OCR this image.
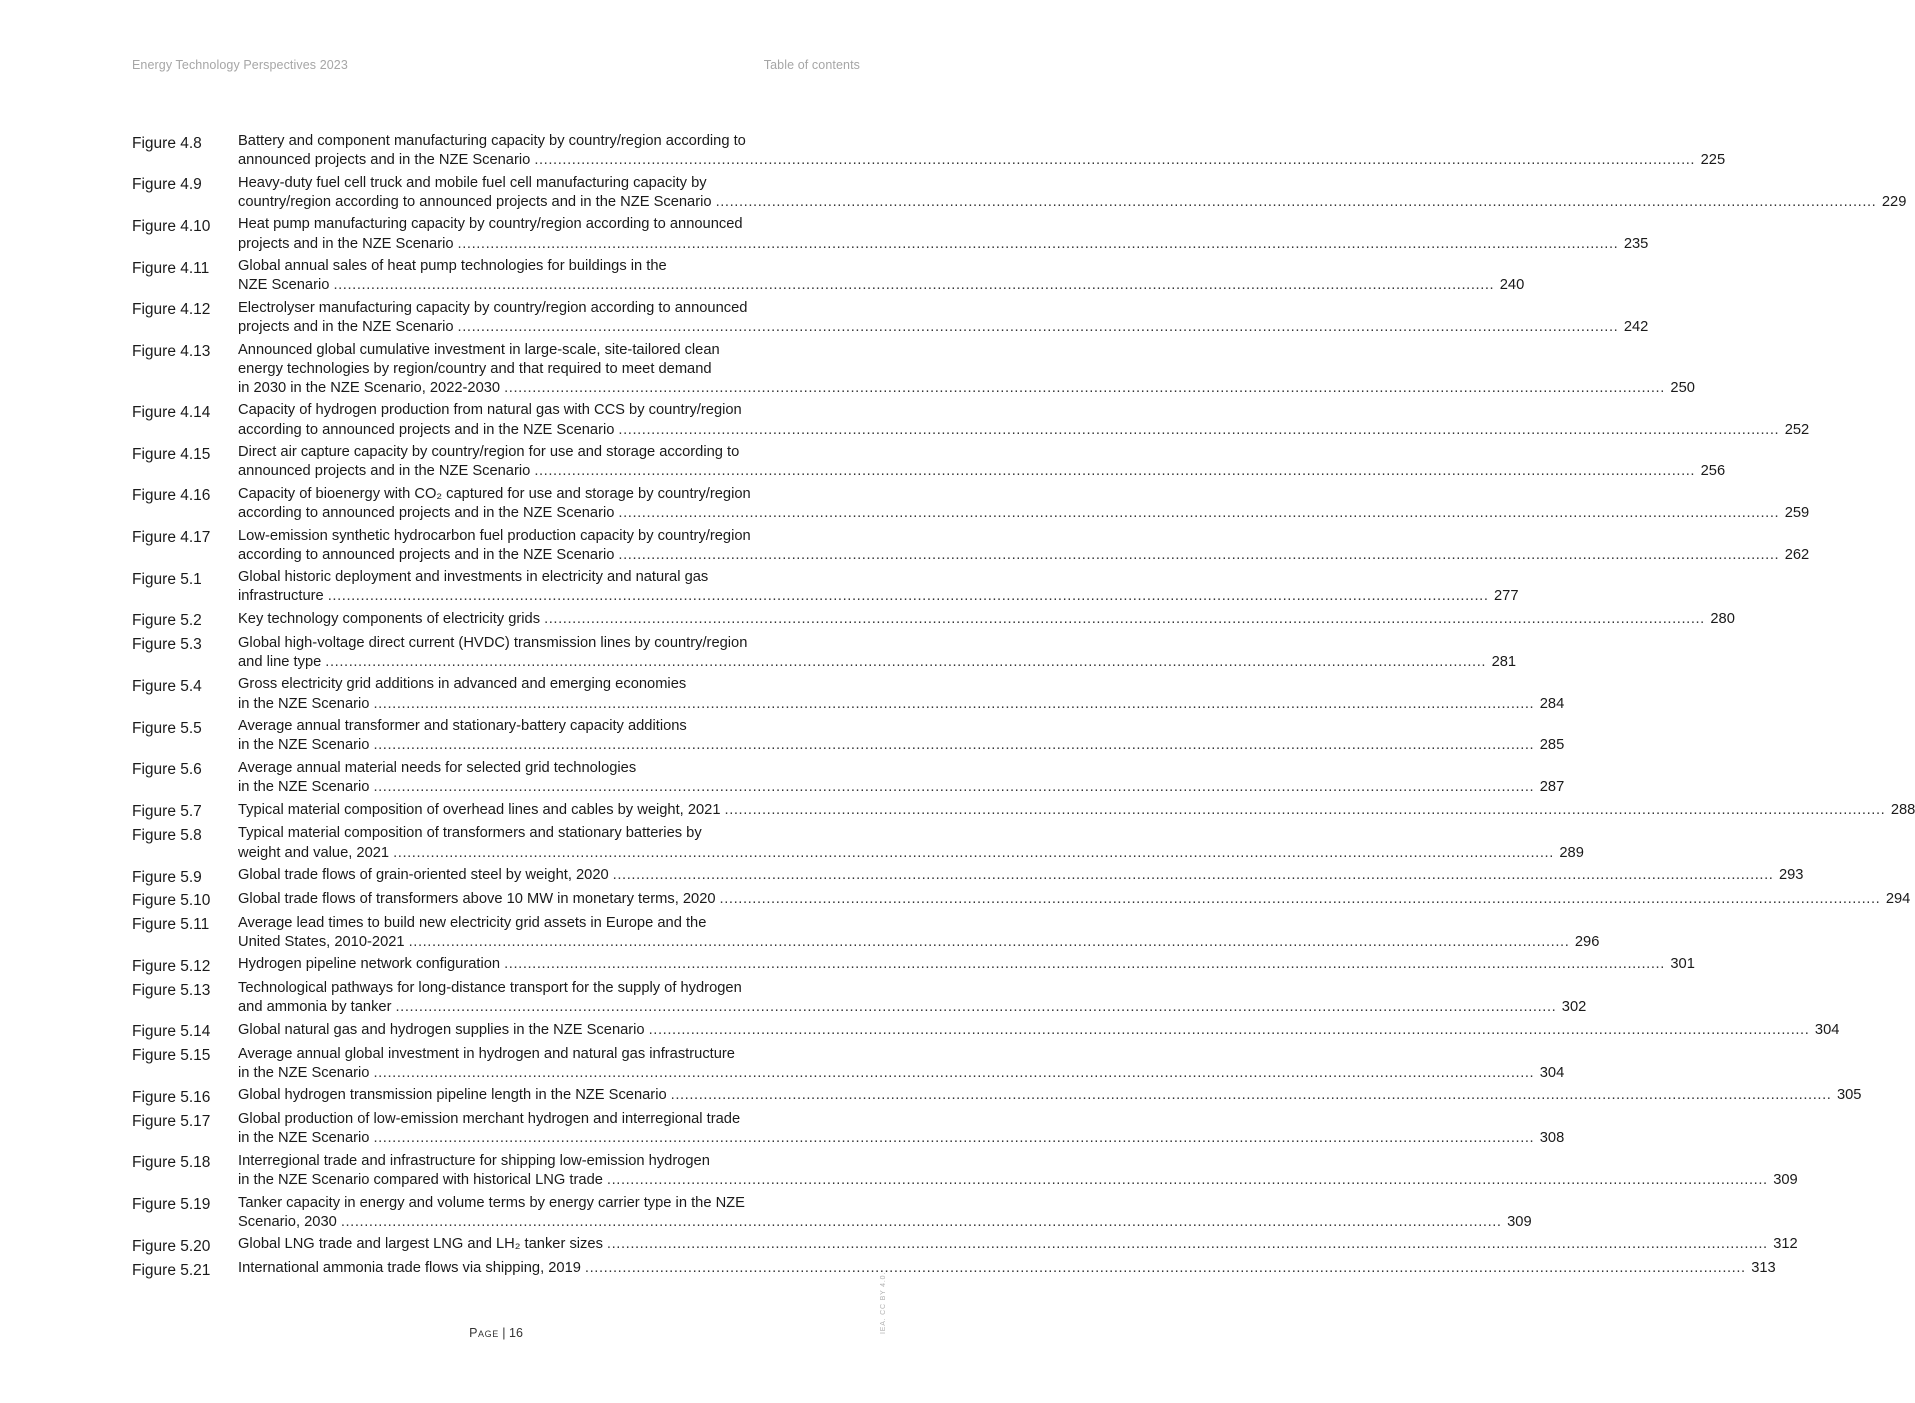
Energy Technology Perspectives 2023	Table of contents
Figure 4.8	Battery and component manufacturing capacity by country/region according to
announced projects and in the NZE Scenario .....	225
Figure 4.9	Heavy-duty fuel cell truck and mobile fuel cell manufacturing capacity by
country/region according to announced projects and in the NZE Scenario .....	229
Figure 4.10	Heat pump manufacturing capacity by country/region according to announced
projects and in the NZE Scenario .....	235
Figure 4.11	Global annual sales of heat pump technologies for buildings in the
NZE Scenario .....	240
Figure 4.12	Electrolyser manufacturing capacity by country/region according to announced
projects and in the NZE Scenario .....	242
Figure 4.13	Announced global cumulative investment in large-scale, site-tailored clean
energy technologies by region/country and that required to meet demand
in 2030 in the NZE Scenario, 2022-2030 .....	250
Figure 4.14	Capacity of hydrogen production from natural gas with CCS by country/region
according to announced projects and in the NZE Scenario .....	252
Figure 4.15	Direct air capture capacity by country/region for use and storage according to
announced projects and in the NZE Scenario .....	256
Figure 4.16	Capacity of bioenergy with CO₂ captured for use and storage by country/region
according to announced projects and in the NZE Scenario .....	259
Figure 4.17	Low-emission synthetic hydrocarbon fuel production capacity by country/region
according to announced projects and in the NZE Scenario .....	262
Figure 5.1	Global historic deployment and investments in electricity and natural gas
infrastructure .....	277
Figure 5.2	Key technology components of electricity grids .....	280
Figure 5.3	Global high-voltage direct current (HVDC) transmission lines by country/region
and line type .....	281
Figure 5.4	Gross electricity grid additions in advanced and emerging economies
in the NZE Scenario .....	284
Figure 5.5	Average annual transformer and stationary-battery capacity additions
in the NZE Scenario .....	285
Figure 5.6	Average annual material needs for selected grid technologies
in the NZE Scenario .....	287
Figure 5.7	Typical material composition of overhead lines and cables by weight, 2021 .....	288
Figure 5.8	Typical material composition of transformers and stationary batteries by
weight and value, 2021 .....	289
Figure 5.9	Global trade flows of grain-oriented steel by weight, 2020 .....	293
Figure 5.10	Global trade flows of transformers above 10 MW in monetary terms, 2020 .....	294
Figure 5.11	Average lead times to build new electricity grid assets in Europe and the
United States, 2010-2021 .....	296
Figure 5.12	Hydrogen pipeline network configuration .....	301
Figure 5.13	Technological pathways for long-distance transport for the supply of hydrogen
and ammonia by tanker .....	302
Figure 5.14	Global natural gas and hydrogen supplies in the NZE Scenario .....	304
Figure 5.15	Average annual global investment in hydrogen and natural gas infrastructure
in the NZE Scenario .....	304
Figure 5.16	Global hydrogen transmission pipeline length in the NZE Scenario .....	305
Figure 5.17	Global production of low-emission merchant hydrogen and interregional trade
in the NZE Scenario .....	308
Figure 5.18	Interregional trade and infrastructure for shipping low-emission hydrogen
in the NZE Scenario compared with historical LNG trade .....	309
Figure 5.19	Tanker capacity in energy and volume terms by energy carrier type in the NZE
Scenario, 2030 .....	309
Figure 5.20	Global LNG trade and largest LNG and LH₂ tanker sizes .....	312
Figure 5.21	International ammonia trade flows via shipping, 2019 .....	313
Page | 16	IEA. CC BY 4.0.
